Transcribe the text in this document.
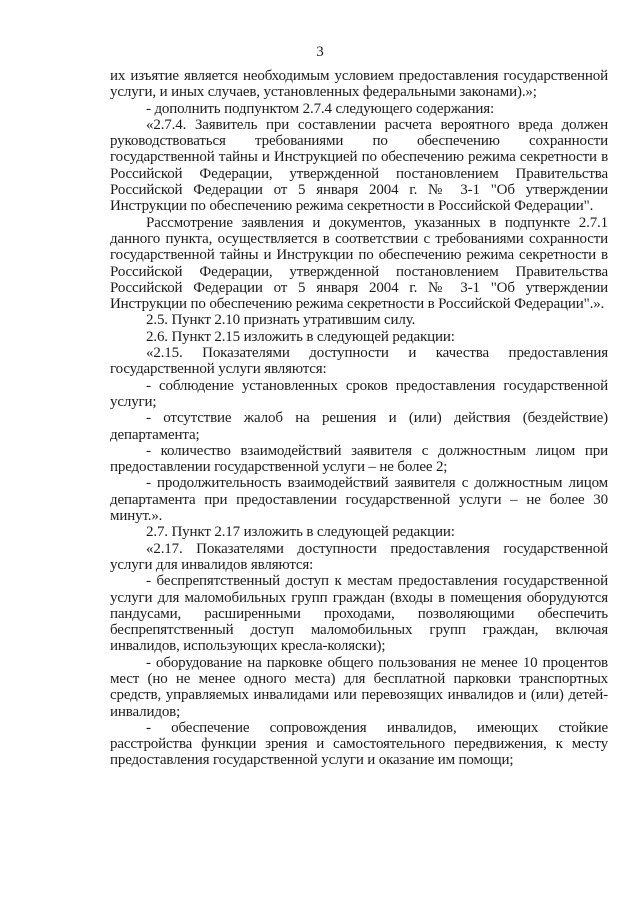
3

их изъятие является необходимым условием предоставления государственной услуги, и иных случаев, установленных федеральными законами).»;

- дополнить подпунктом 2.7.4 следующего содержания:

«2.7.4. Заявитель при составлении расчета вероятного вреда должен руководствоваться требованиями по обеспечению сохранности государственной тайны и Инструкцией по обеспечению режима секретности в Российской Федерации, утвержденной постановлением Правительства Российской Федерации от 5 января 2004 г. № 3-1 "Об утверждении Инструкции по обеспечению режима секретности в Российской Федерации".

Рассмотрение заявления и документов, указанных в подпункте 2.7.1 данного пункта, осуществляется в соответствии с требованиями сохранности государственной тайны и Инструкции по обеспечению режима секретности в Российской Федерации, утвержденной постановлением Правительства Российской Федерации от 5 января 2004 г. № 3-1 "Об утверждении Инструкции по обеспечению режима секретности в Российской Федерации".».

2.5. Пункт 2.10 признать утратившим силу.

2.6. Пункт 2.15 изложить в следующей редакции:

«2.15. Показателями доступности и качества предоставления государственной услуги являются:

- соблюдение установленных сроков предоставления государственной услуги;

- отсутствие жалоб на решения и (или) действия (бездействие) департамента;

- количество взаимодействий заявителя с должностным лицом при предоставлении государственной услуги – не более 2;

- продолжительность взаимодействий заявителя с должностным лицом департамента при предоставлении государственной услуги – не более 30 минут.».

2.7. Пункт 2.17 изложить в следующей редакции:

«2.17. Показателями доступности предоставления государственной услуги для инвалидов являются:

- беспрепятственный доступ к местам предоставления государственной услуги для маломобильных групп граждан (входы в помещения оборудуются пандусами, расширенными проходами, позволяющими обеспечить беспрепятственный доступ маломобильных групп граждан, включая инвалидов, использующих кресла-коляски);

- оборудование на парковке общего пользования не менее 10 процентов мест (но не менее одного места) для бесплатной парковки транспортных средств, управляемых инвалидами или перевозящих инвалидов и (или) детей-инвалидов;

- обеспечение сопровождения инвалидов, имеющих стойкие расстройства функции зрения и самостоятельного передвижения, к месту предоставления государственной услуги и оказание им помощи;
